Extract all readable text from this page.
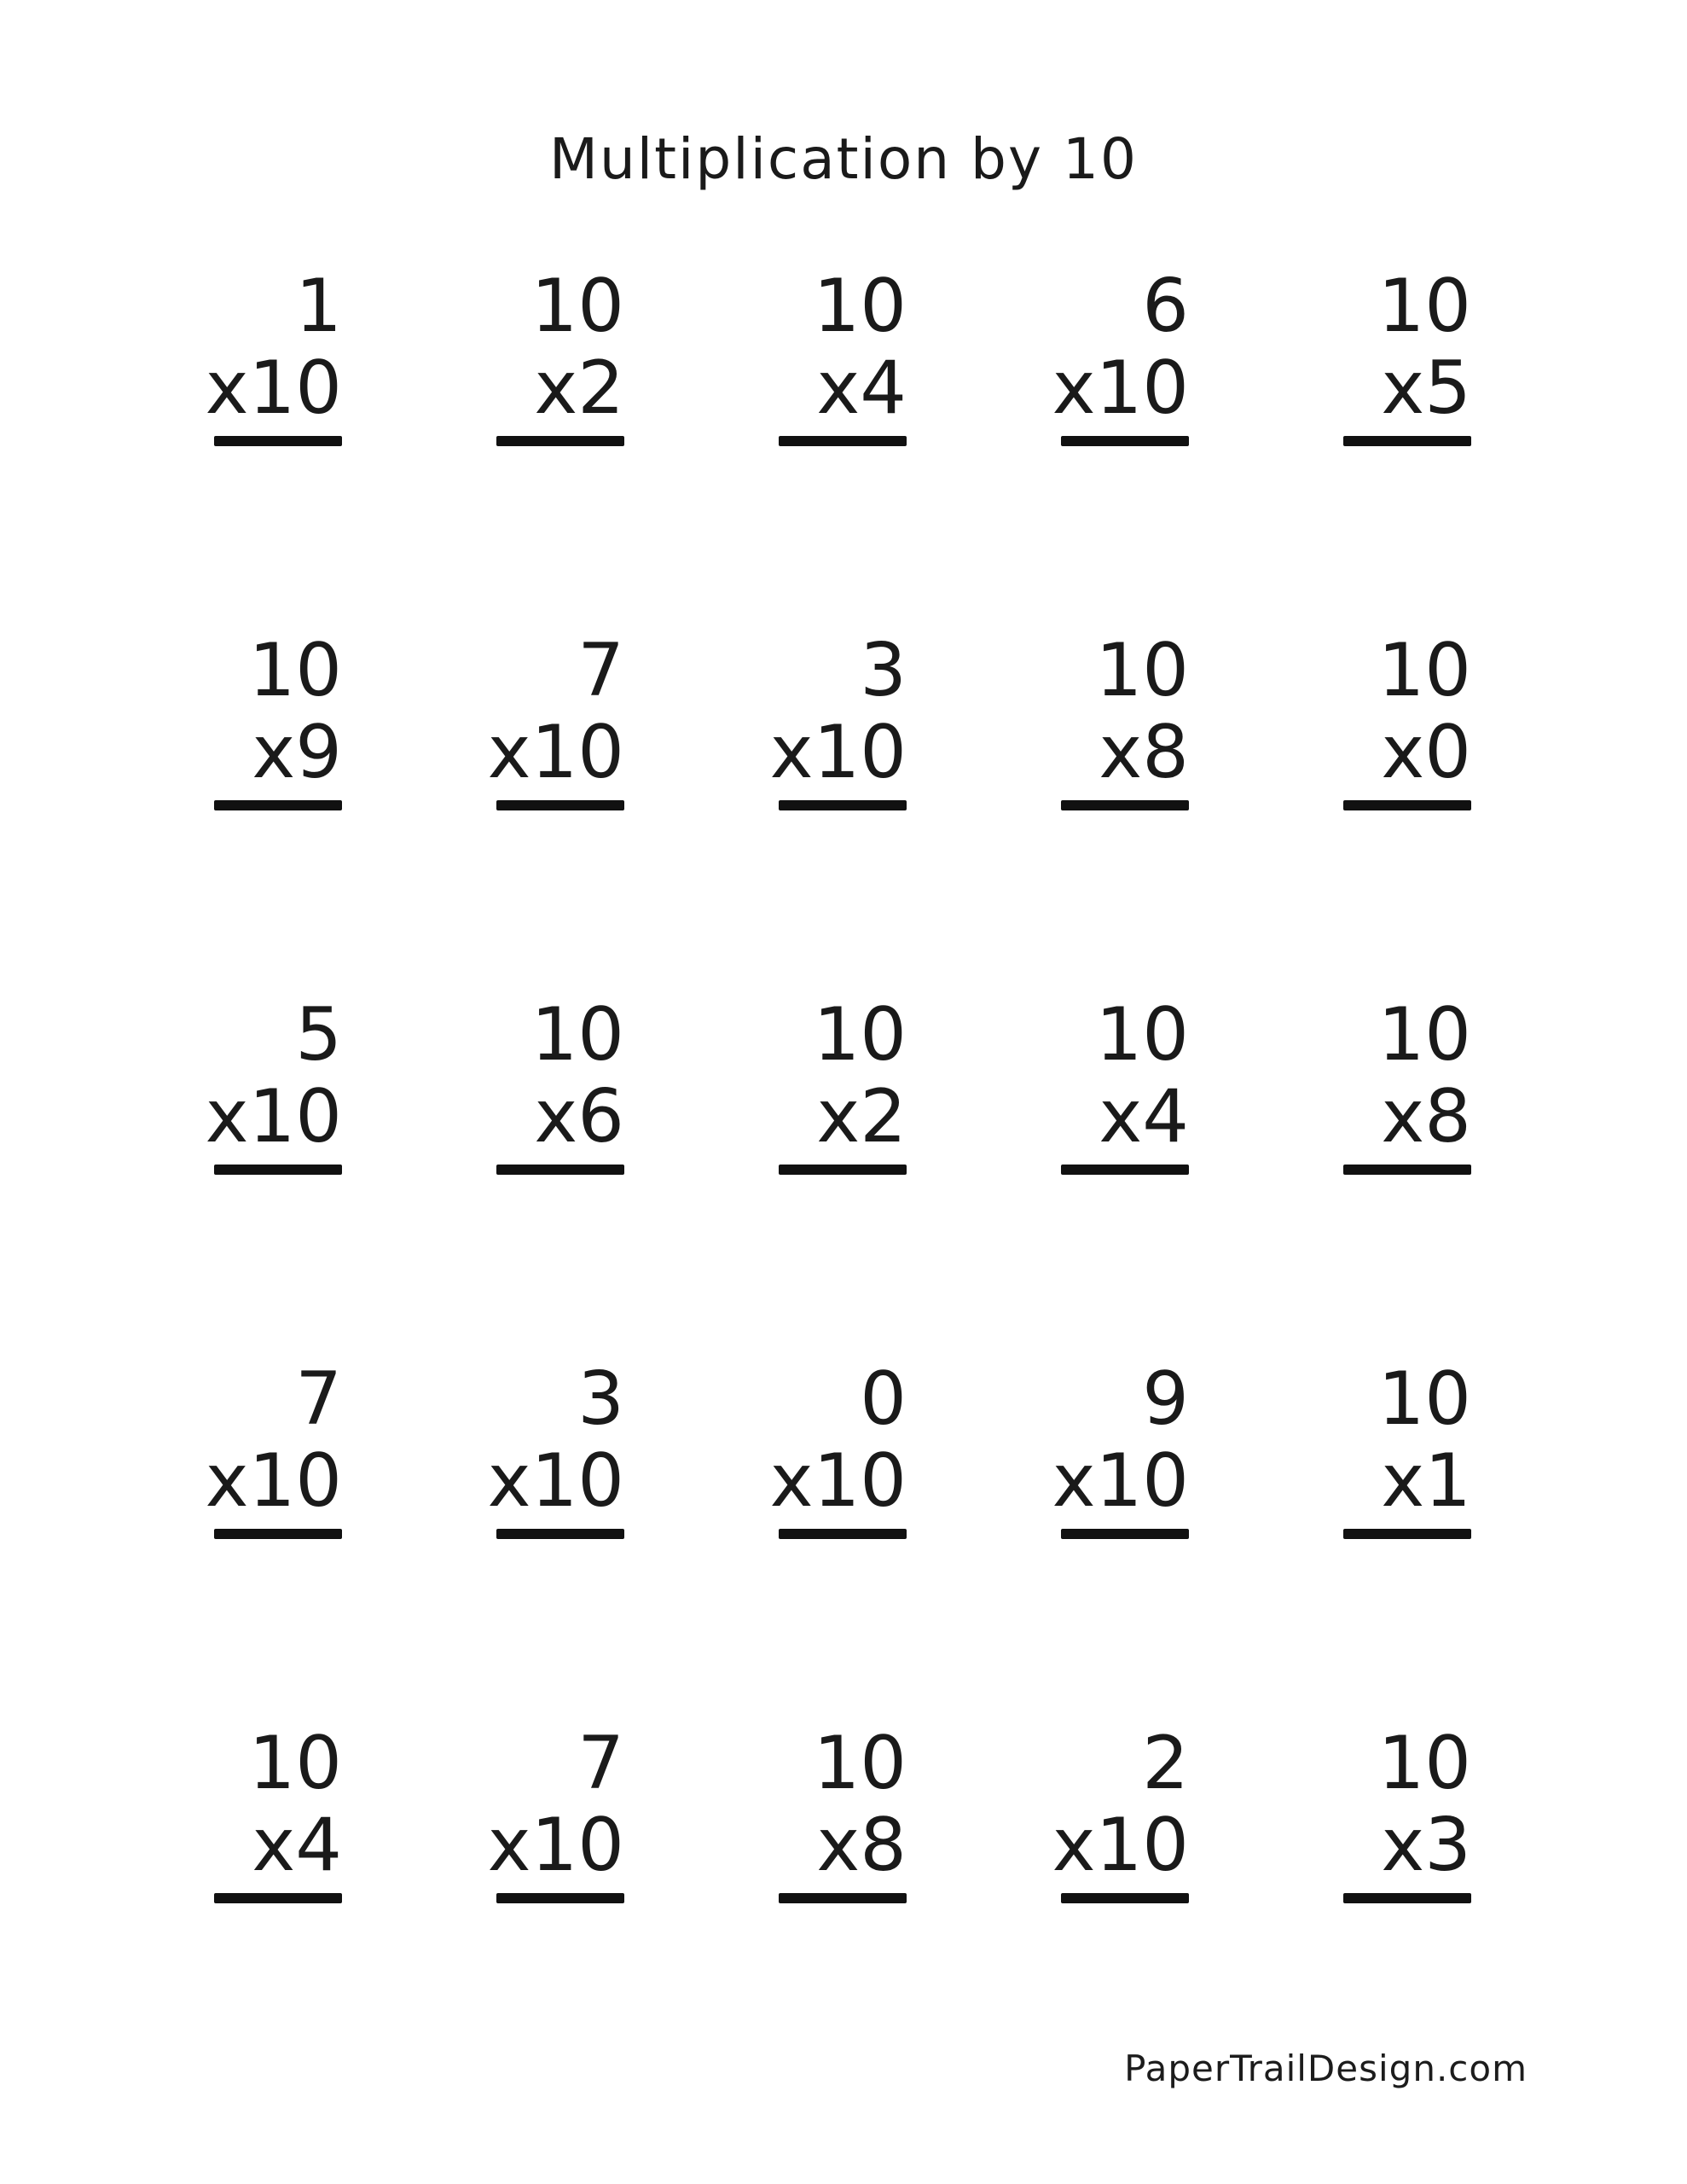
Multiplication by 10
1
x10
10
x2
10
x4
6
x10
10
x5
10
x9
7
x10
3
x10
10
x8
10
x0
5
x10
10
x6
10
x2
10
x4
10
x8
7
x10
3
x10
0
x10
9
x10
10
x1
10
x4
7
x10
10
x8
2
x10
10
x3
PaperTrailDesign.com
